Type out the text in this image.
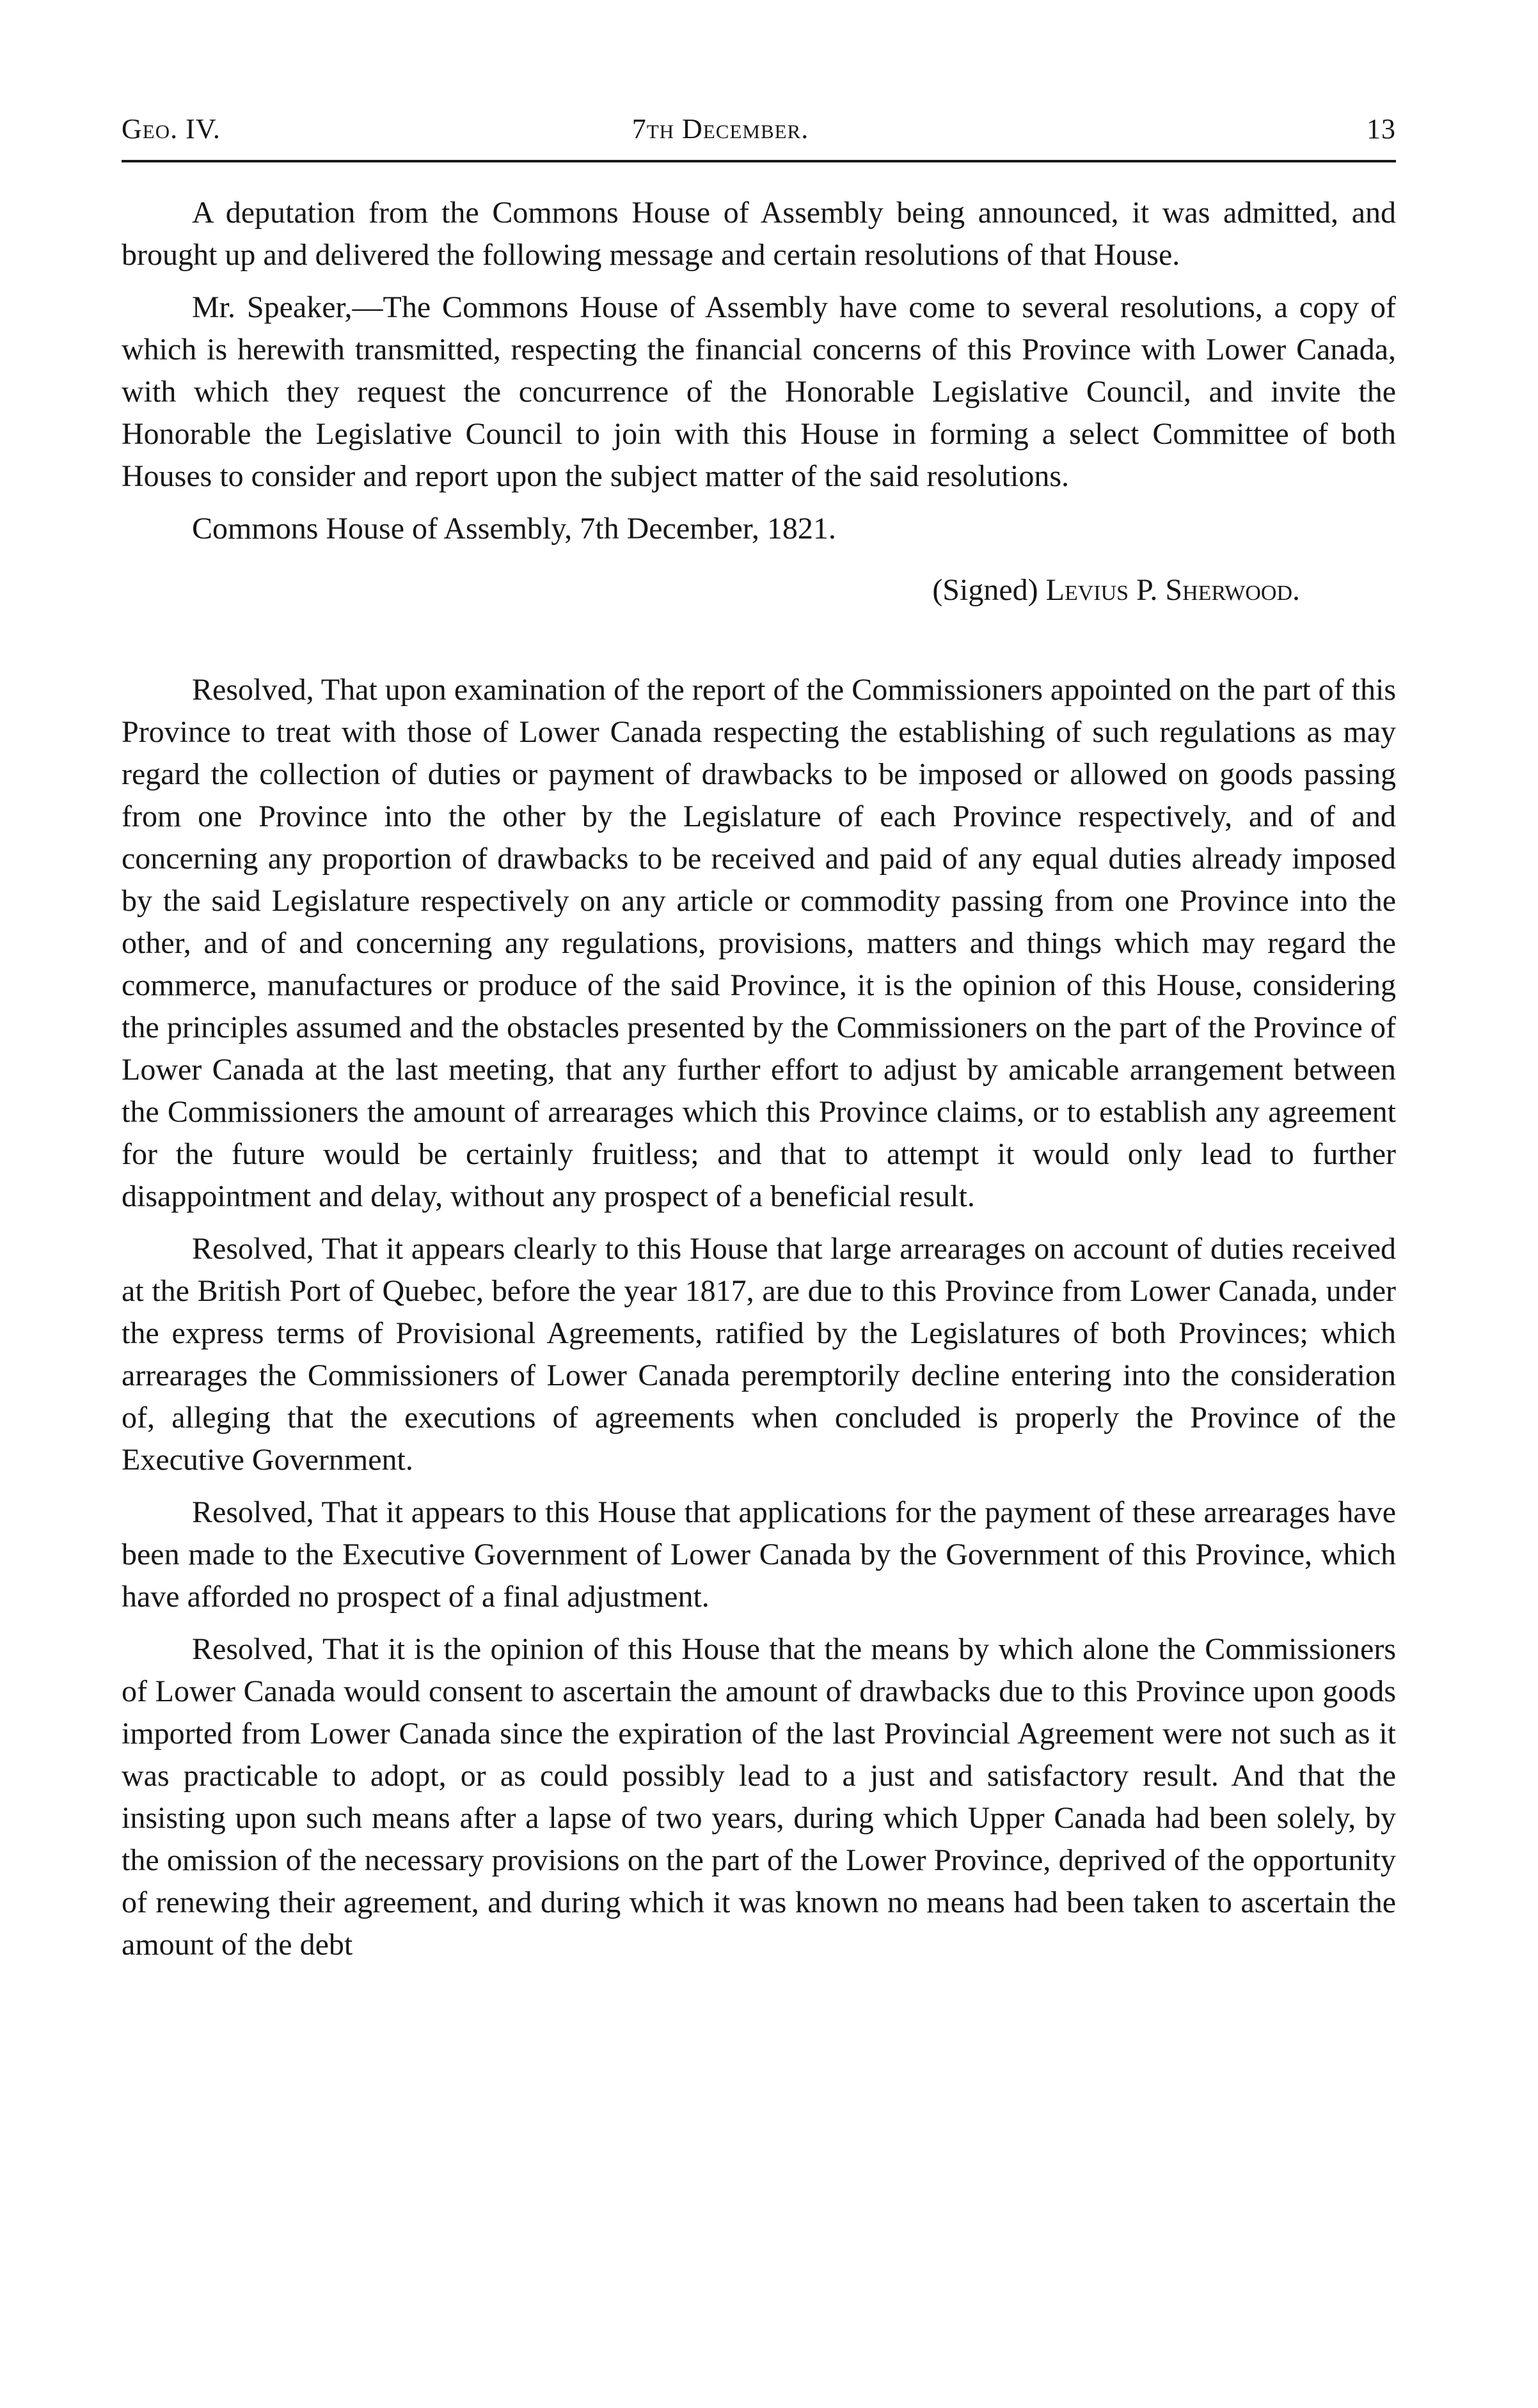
Geo. IV.	7th December.	13

A deputation from the Commons House of Assembly being announced, it was admitted, and brought up and delivered the following message and certain resolutions of that House.

Mr. Speaker,—The Commons House of Assembly have come to several resolutions, a copy of which is herewith transmitted, respecting the financial concerns of this Province with Lower Canada, with which they request the concurrence of the Honorable Legislative Council, and invite the Honorable the Legislative Council to join with this House in forming a select Committee of both Houses to consider and report upon the subject matter of the said resolutions.

Commons House of Assembly, 7th December, 1821.

(Signed) Levius P. Sherwood.

Resolved, That upon examination of the report of the Commissioners appointed on the part of this Province to treat with those of Lower Canada respecting the establishing of such regulations as may regard the collection of duties or payment of drawbacks to be imposed or allowed on goods passing from one Province into the other by the Legislature of each Province respectively, and of and concerning any proportion of drawbacks to be received and paid of any equal duties already imposed by the said Legislature respectively on any article or commodity passing from one Province into the other, and of and concerning any regulations, provisions, matters and things which may regard the commerce, manufactures or produce of the said Province, it is the opinion of this House, considering the principles assumed and the obstacles presented by the Commissioners on the part of the Province of Lower Canada at the last meeting, that any further effort to adjust by amicable arrangement between the Commissioners the amount of arrearages which this Province claims, or to establish any agreement for the future would be certainly fruitless; and that to attempt it would only lead to further disappointment and delay, without any prospect of a beneficial result.

Resolved, That it appears clearly to this House that large arrearages on account of duties received at the British Port of Quebec, before the year 1817, are due to this Province from Lower Canada, under the express terms of Provisional Agreements, ratified by the Legislatures of both Provinces; which arrearages the Commissioners of Lower Canada peremptorily decline entering into the consideration of, alleging that the executions of agreements when concluded is properly the Province of the Executive Government.

Resolved, That it appears to this House that applications for the payment of these arrearages have been made to the Executive Government of Lower Canada by the Government of this Province, which have afforded no prospect of a final adjustment.

Resolved, That it is the opinion of this House that the means by which alone the Commissioners of Lower Canada would consent to ascertain the amount of drawbacks due to this Province upon goods imported from Lower Canada since the expiration of the last Provincial Agreement were not such as it was practicable to adopt, or as could possibly lead to a just and satisfactory result. And that the insisting upon such means after a lapse of two years, during which Upper Canada had been solely, by the omission of the necessary provisions on the part of the Lower Province, deprived of the opportunity of renewing their agreement, and during which it was known no means had been taken to ascertain the amount of the debt
